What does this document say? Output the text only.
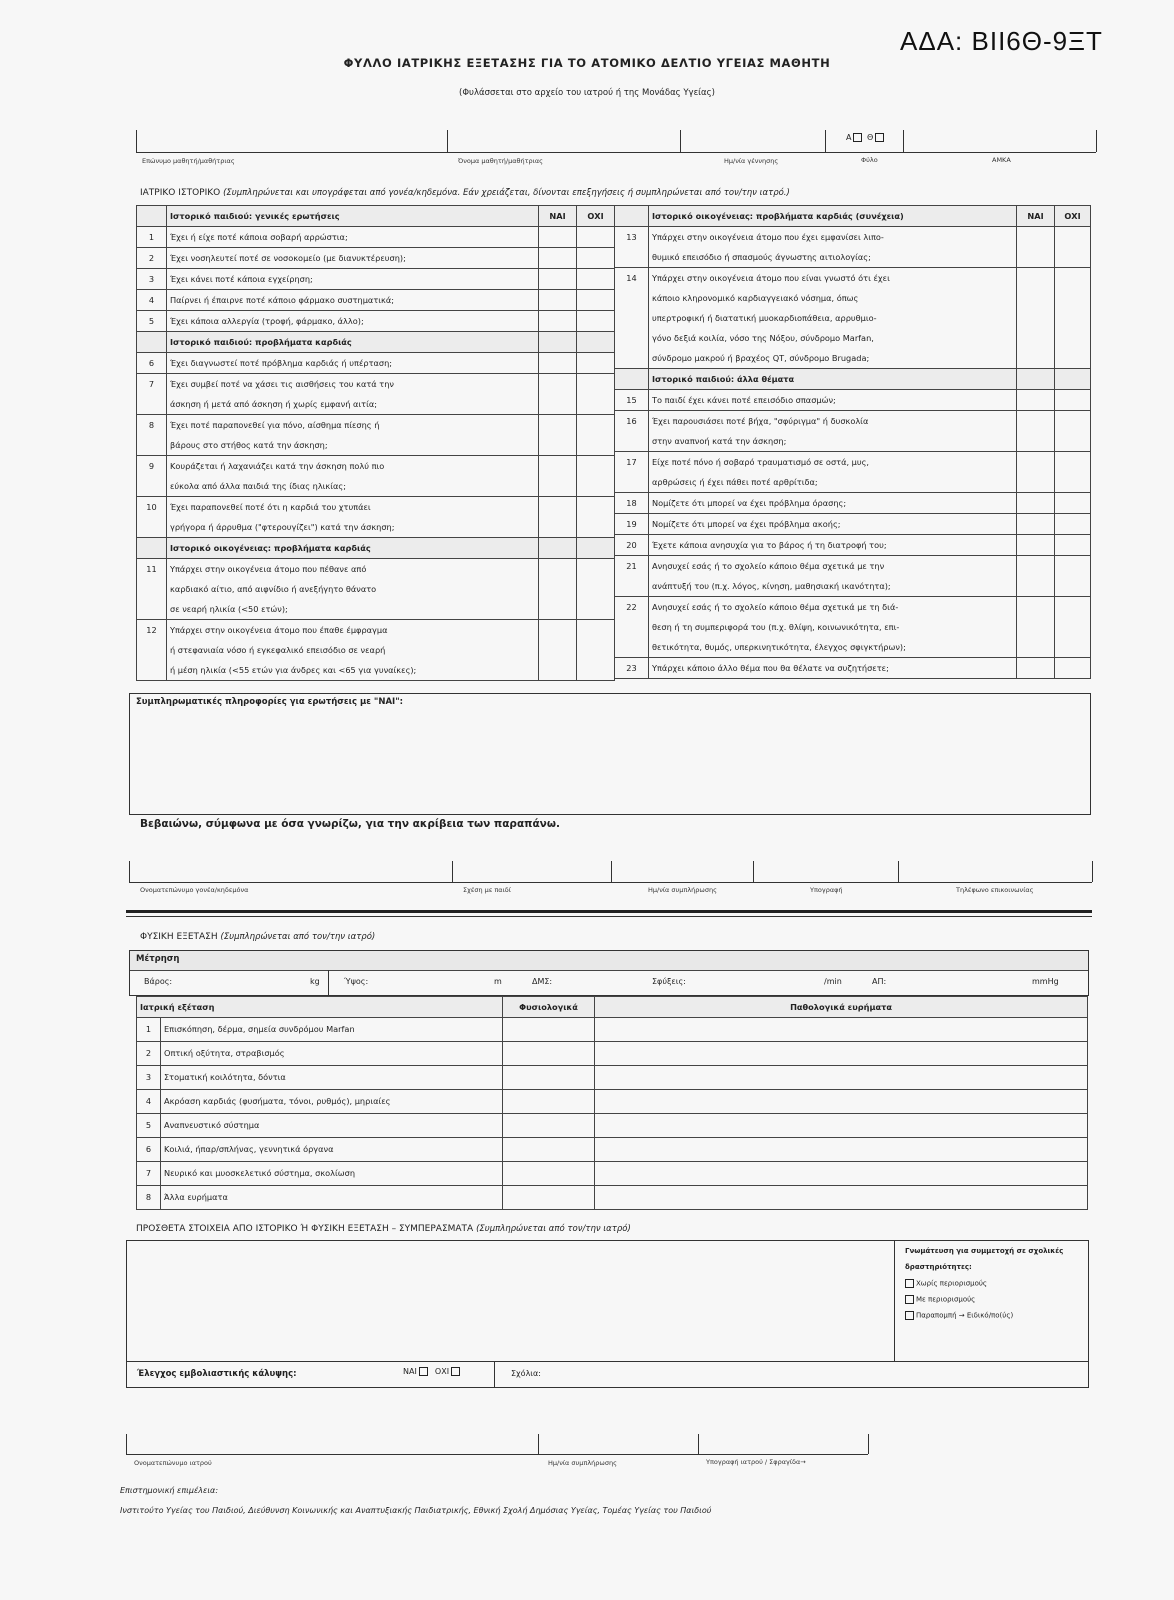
ΑΔΑ: ΒΙΙ6Θ-9ΞΤ
ΦΥΛΛΟ ΙΑΤΡΙΚΗΣ ΕΞΕΤΑΣΗΣ ΓΙΑ ΤΟ ΑΤΟΜΙΚΟ ΔΕΛΤΙΟ ΥΓΕΙΑΣ ΜΑΘΗΤΗ
(Φυλάσσεται στο αρχείο του ιατρού ή της Μονάδας Υγείας)
Α Θ
Επώνυμο μαθητή/μαθήτριας	Όνομα μαθητή/μαθήτριας	Ημ/νία γέννησης	Φύλο	ΑΜΚΑ
ΙΑΤΡΙΚΟ ΙΣΤΟΡΙΚΟ (Συμπληρώνεται και υπογράφεται από γονέα/κηδεμόνα. Εάν χρειάζεται, δίνονται επεξηγήσεις ή συμπληρώνεται από τον/την ιατρό.)
	Ιστορικό παιδιού: γενικές ερωτήσεις	ΝΑΙ	ΟΧΙ
1	Έχει ή είχε ποτέ κάποια σοβαρή αρρώστια;		
2	Έχει νοσηλευτεί ποτέ σε νοσοκομείο (με διανυκτέρευση);		
3	Έχει κάνει ποτέ κάποια εγχείρηση;		
4	Παίρνει ή έπαιρνε ποτέ κάποιο φάρμακο συστηματικά;		
5	Έχει κάποια αλλεργία (τροφή, φάρμακο, άλλο);		
	Ιστορικό παιδιού: προβλήματα καρδιάς		
6	Έχει διαγνωστεί ποτέ πρόβλημα καρδιάς ή υπέρταση;		
7	Έχει συμβεί ποτέ να χάσει τις αισθήσεις του κατά την		
	άσκηση ή μετά από άσκηση ή χωρίς εμφανή αιτία;		
8	Έχει ποτέ παραπονεθεί για πόνο, αίσθημα πίεσης ή		
	βάρους στο στήθος κατά την άσκηση;		
9	Κουράζεται ή λαχανιάζει κατά την άσκηση πολύ πιο		
	εύκολα από άλλα παιδιά της ίδιας ηλικίας;		
10	Έχει παραπονεθεί ποτέ ότι η καρδιά του χτυπάει		
	γρήγορα ή άρρυθμα ("φτερουγίζει") κατά την άσκηση;		
	Ιστορικό οικογένειας: προβλήματα καρδιάς		
11	Υπάρχει στην οικογένεια άτομο που πέθανε από		
	καρδιακό αίτιο, από αιφνίδιο ή ανεξήγητο θάνατο		
	σε νεαρή ηλικία (<50 ετών);		
12	Υπάρχει στην οικογένεια άτομο που έπαθε έμφραγμα		
	ή στεφανιαία νόσο ή εγκεφαλικό επεισόδιο σε νεαρή		
	ή μέση ηλικία (<55 ετών για άνδρες και <65 για γυναίκες);		
	Ιστορικό οικογένειας: προβλήματα καρδιάς (συνέχεια)	ΝΑΙ	ΟΧΙ
13	Υπάρχει στην οικογένεια άτομο που έχει εμφανίσει λιπο-		
	θυμικό επεισόδιο ή σπασμούς άγνωστης αιτιολογίας;		
14	Υπάρχει στην οικογένεια άτομο που είναι γνωστό ότι έχει		
	κάποιο κληρονομικό καρδιαγγειακό νόσημα, όπως		
	υπερτροφική ή διατατική μυοκαρδιοπάθεια, αρρυθμιο-		
	γόνο δεξιά κοιλία, νόσο της Νόξου, σύνδρομο Marfan,		
	σύνδρομο μακρού ή βραχέος QT, σύνδρομο Brugada;		
	Ιστορικό παιδιού: άλλα θέματα		
15	Το παιδί έχει κάνει ποτέ επεισόδιο σπασμών;		
16	Έχει παρουσιάσει ποτέ βήχα, "σφύριγμα" ή δυσκολία		
	στην αναπνοή κατά την άσκηση;		
17	Είχε ποτέ πόνο ή σοβαρό τραυματισμό σε οστά, μυς,		
	αρθρώσεις ή έχει πάθει ποτέ αρθρίτιδα;		
18	Νομίζετε ότι μπορεί να έχει πρόβλημα όρασης;		
19	Νομίζετε ότι μπορεί να έχει πρόβλημα ακοής;		
20	Έχετε κάποια ανησυχία για το βάρος ή τη διατροφή του;		
21	Ανησυχεί εσάς ή το σχολείο κάποιο θέμα σχετικά με την		
	ανάπτυξή του (π.χ. λόγος, κίνηση, μαθησιακή ικανότητα);		
22	Ανησυχεί εσάς ή το σχολείο κάποιο θέμα σχετικά με τη διά-		
	θεση ή τη συμπεριφορά του (π.χ. θλίψη, κοινωνικότητα, επι-		
	θετικότητα, θυμός, υπερκινητικότητα, έλεγχος σφιγκτήρων);		
23	Υπάρχει κάποιο άλλο θέμα που θα θέλατε να συζητήσετε;		
Συμπληρωματικές πληροφορίες για ερωτήσεις με "ΝΑΙ":
Βεβαιώνω, σύμφωνα με όσα γνωρίζω, για την ακρίβεια των παραπάνω.
Ονοματεπώνυμο γονέα/κηδεμόνα	Σχέση με παιδί	Ημ/νία συμπλήρωσης	Υπογραφή	Τηλέφωνο επικοινωνίας
ΦΥΣΙΚΗ ΕΞΕΤΑΣΗ (Συμπληρώνεται από τον/την ιατρό)
Μέτρηση
Βάρος:	kg	Ύψος:	m	ΔΜΣ:	Σφύξεις:	/min	ΑΠ:	mmHg
Ιατρική εξέταση		Φυσιολογικά	Παθολογικά ευρήματα
1	Επισκόπηση, δέρμα, σημεία συνδρόμου Marfan		
2	Οπτική οξύτητα, στραβισμός		
3	Στοματική κοιλότητα, δόντια		
4	Ακρόαση καρδιάς (φυσήματα, τόνοι, ρυθμός), μηριαίες		
5	Αναπνευστικό σύστημα		
6	Κοιλιά, ήπαρ/σπλήνας, γεννητικά όργανα		
7	Νευρικό και μυοσκελετικό σύστημα, σκολίωση		
8	Άλλα ευρήματα		
ΠΡΟΣΘΕΤΑ ΣΤΟΙΧΕΙΑ ΑΠΟ ΙΣΤΟΡΙΚΟ Ή ΦΥΣΙΚΗ ΕΞΕΤΑΣΗ – ΣΥΜΠΕΡΑΣΜΑΤΑ (Συμπληρώνεται από τον/την ιατρό)
Γνωμάτευση για συμμετοχή σε σχολικές
δραστηριότητες:
Χωρίς περιορισμούς
Με περιορισμούς
Παραπομπή → Ειδικό/πο(ύς)
Έλεγχος εμβολιαστικής κάλυψης:	ΝΑΙ ΟΧΙ	Σχόλια:
Ονοματεπώνυμο ιατρού	Ημ/νία συμπλήρωσης	Υπογραφή ιατρού / Σφραγίδα→
Επιστημονική επιμέλεια:
Ινστιτούτο Υγείας του Παιδιού, Διεύθυνση Κοινωνικής και Αναπτυξιακής Παιδιατρικής, Εθνική Σχολή Δημόσιας Υγείας, Τομέας Υγείας του Παιδιού
